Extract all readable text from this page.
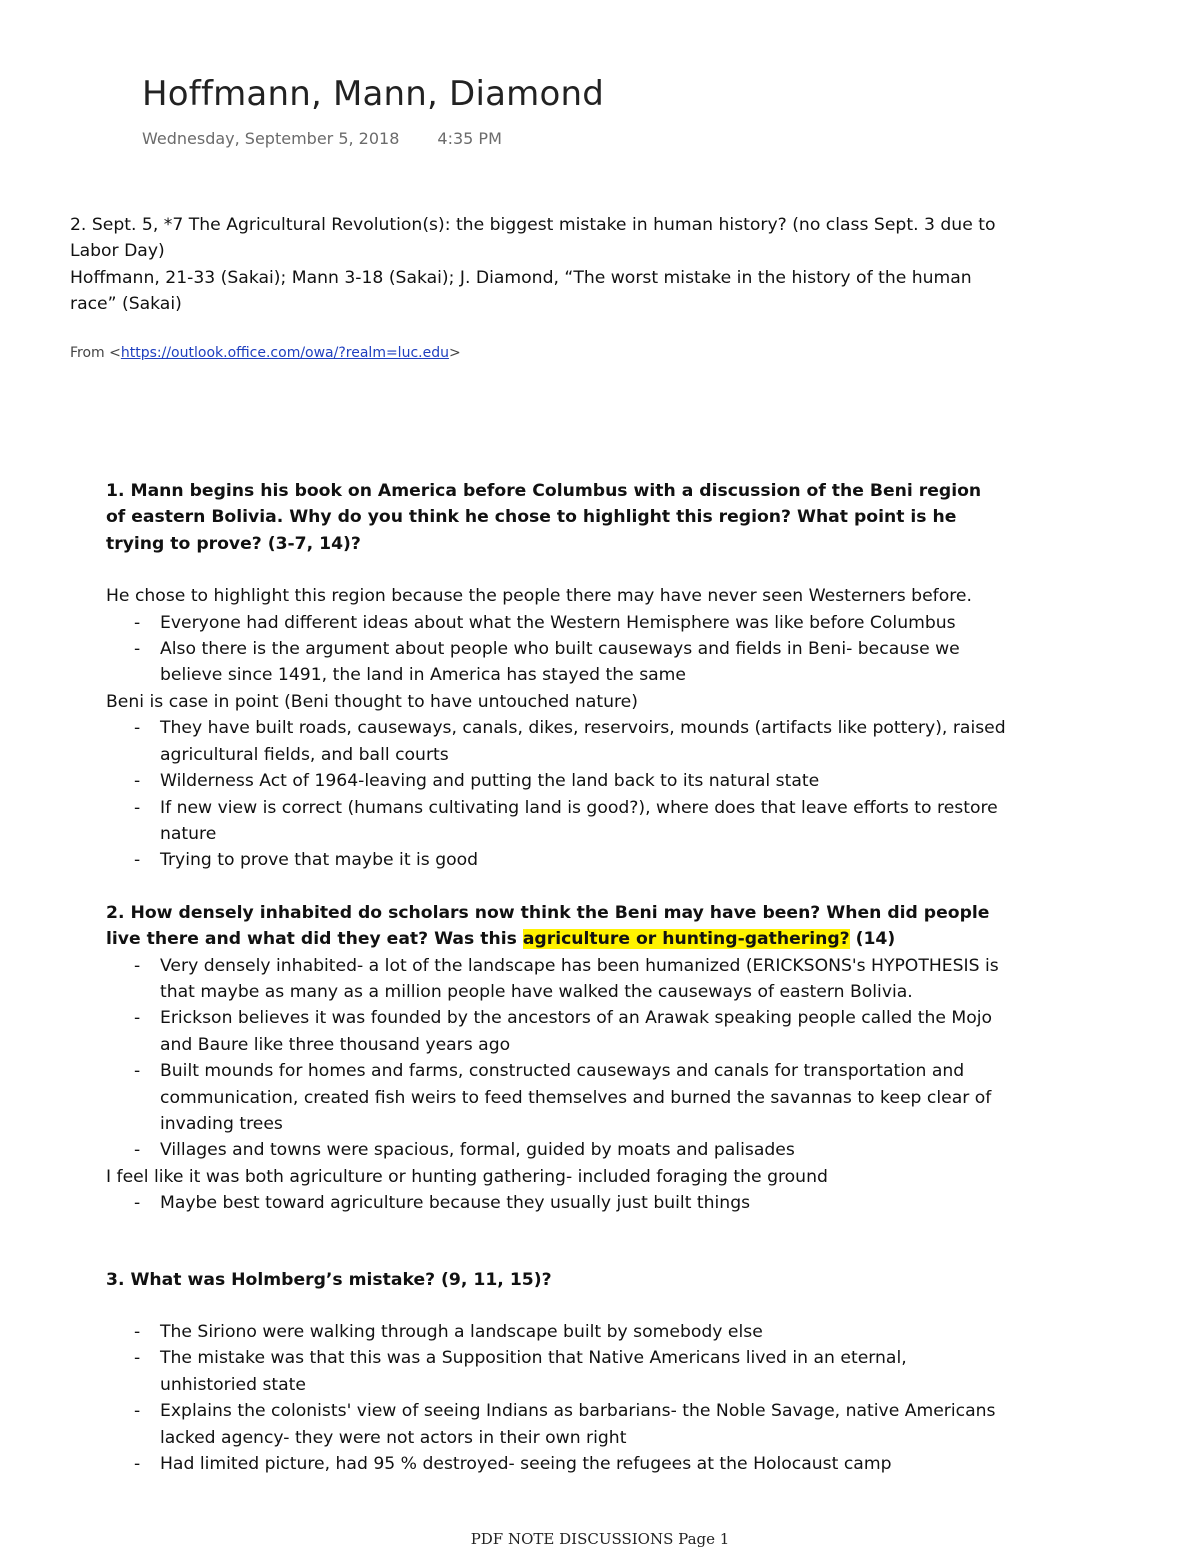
Hoffmann, Mann, Diamond
Wednesday, September 5, 2018 4:35 PM

2. Sept. 5, *7 The Agricultural Revolution(s): the biggest mistake in human history? (no class Sept. 3 due to Labor Day)

Hoffmann, 21-33 (Sakai); Mann 3-18 (Sakai); J. Diamond, “The worst mistake in the history of the human race” (Sakai)

From <https://outlook.office.com/owa/?realm=luc.edu>

1. Mann begins his book on America before Columbus with a discussion of the Beni region of eastern Bolivia. Why do you think he chose to highlight this region? What point is he trying to prove? (3-7, 14)?

He chose to highlight this region because the people there may have never seen Westerners before.

- Everyone had different ideas about what the Western Hemisphere was like before Columbus
- Also there is the argument about people who built causeways and fields in Beni- because we believe since 1491, the land in America has stayed the same

Beni is case in point (Beni thought to have untouched nature)

- They have built roads, causeways, canals, dikes, reservoirs, mounds (artifacts like pottery), raised agricultural fields, and ball courts
- Wilderness Act of 1964-leaving and putting the land back to its natural state
- If new view is correct (humans cultivating land is good?), where does that leave efforts to restore nature
- Trying to prove that maybe it is good

2. How densely inhabited do scholars now think the Beni may have been? When did people live there and what did they eat? Was this agriculture or hunting-gathering? (14)

- Very densely inhabited- a lot of the landscape has been humanized (ERICKSONS's HYPOTHESIS is that maybe as many as a million people have walked the causeways of eastern Bolivia.
- Erickson believes it was founded by the ancestors of an Arawak speaking people called the Mojo and Baure like three thousand years ago
- Built mounds for homes and farms, constructed causeways and canals for transportation and communication, created fish weirs to feed themselves and burned the savannas to keep clear of invading trees
- Villages and towns were spacious, formal, guided by moats and palisades

I feel like it was both agriculture or hunting gathering- included foraging the ground

- Maybe best toward agriculture because they usually just built things

3. What was Holmberg’s mistake? (9, 11, 15)?

- The Siriono were walking through a landscape built by somebody else
- The mistake was that this was a Supposition that Native Americans lived in an eternal, unhistoried state
- Explains the colonists' view of seeing Indians as barbarians- the Noble Savage, native Americans lacked agency- they were not actors in their own right
- Had limited picture, had 95 % destroyed- seeing the refugees at the Holocaust camp
PDF NOTE DISCUSSIONS Page 1
